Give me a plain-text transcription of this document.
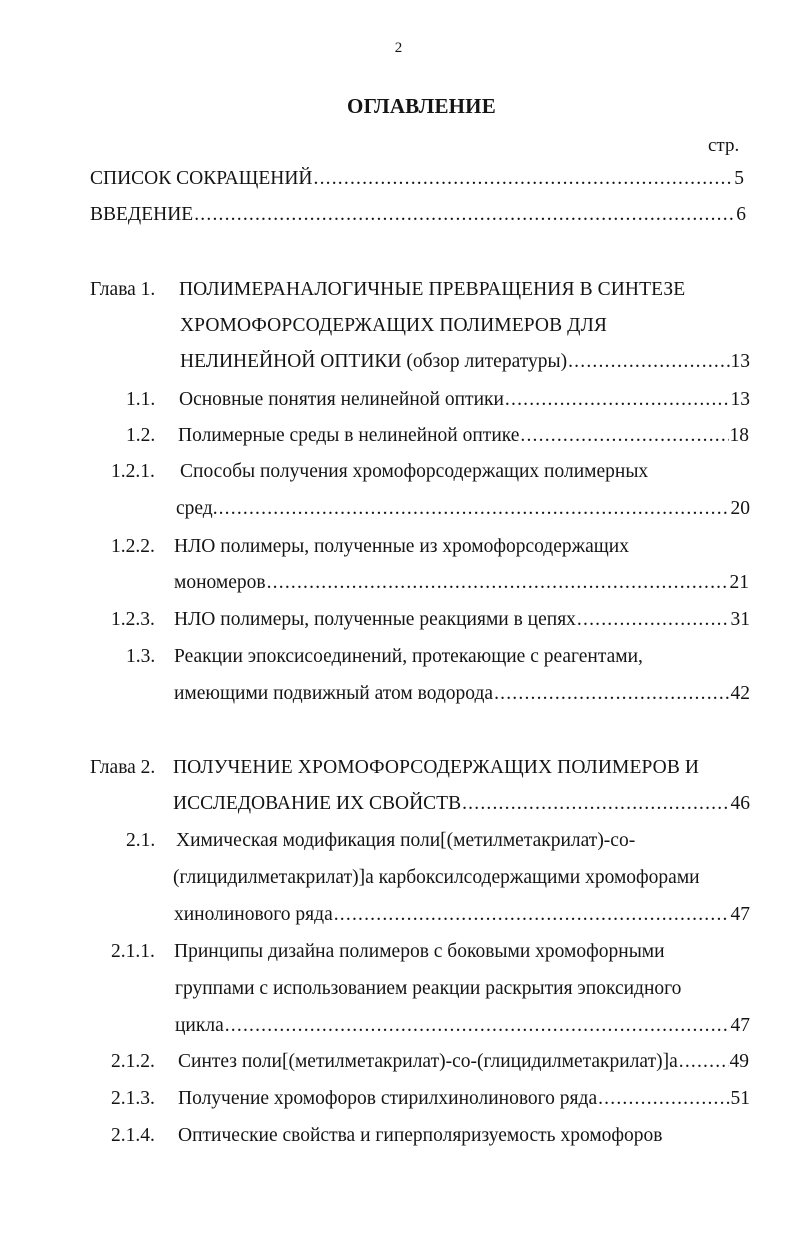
2
ОГЛАВЛЕНИЕ
стр.
СПИСОК СОКРАЩЕНИЙ .....	5
ВВЕДЕНИЕ .....	6
Глава 1. ПОЛИМЕРАНАЛОГИЧНЫЕ ПРЕВРАЩЕНИЯ В СИНТЕЗЕ
ХРОМОФОРСОДЕРЖАЩИХ ПОЛИМЕРОВ ДЛЯ
НЕЛИНЕЙНОЙ ОПТИКИ (обзор литературы) .....	13
1.1. Основные понятия нелинейной оптики .....	13
1.2. Полимерные среды в нелинейной оптике .....	18
1.2.1. Способы получения хромофорсодержащих полимерных
сред. .....	20
1.2.2. НЛО полимеры, полученные из хромофорсодержащих
мономеров .....	21
1.2.3. НЛО полимеры, полученные реакциями в цепях .....	31
1.3. Реакции эпоксисоединений, протекающие с реагентами,
имеющими подвижный атом водорода .....	42
Глава 2. ПОЛУЧЕНИЕ ХРОМОФОРСОДЕРЖАЩИХ ПОЛИМЕРОВ И
ИССЛЕДОВАНИЕ ИХ СВОЙСТВ .....	46
2.1. Химическая модификация поли[(метилметакрилат)-со-
(глицидилметакрилат)]а карбоксилсодержащими хромофорами
хинолинового ряда .....	47
2.1.1. Принципы дизайна полимеров с боковыми хромофорными
группами с использованием реакции раскрытия эпоксидного
цикла .....	47
2.1.2. Синтез поли[(метилметакрилат)-со-(глицидилметакрилат)]а .....	49
2.1.3. Получение хромофоров стирилхинолинового ряда .....	51
2.1.4. Оптические свойства и гиперполяризуемость хромофоров
